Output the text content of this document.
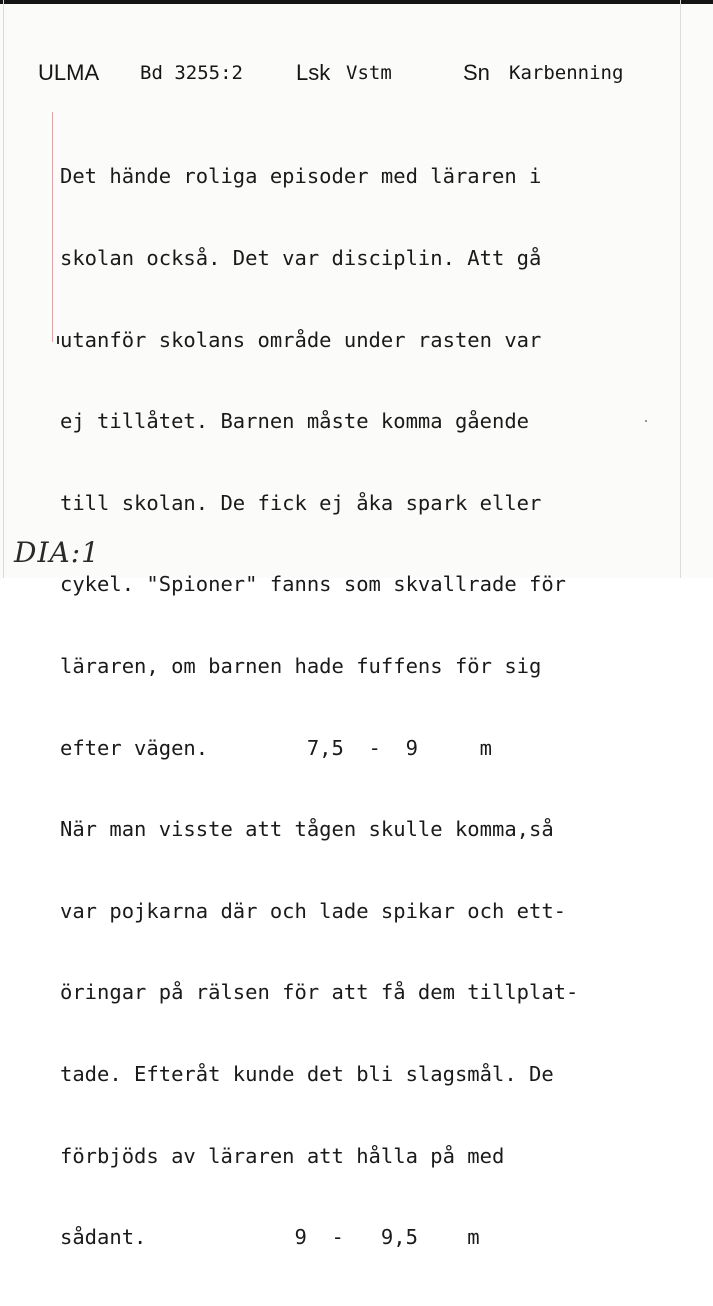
ULMA Bd 3255:2 Lsk Vstm	Sn Karbenning

Det hände roliga episoder med läraren i

skolan också. Det var disciplin. Att gå

utanför skolans område under rasten var

ej tillåtet. Barnen måste komma gående

till skolan. De fick ej åka spark eller

cykel. "Spioner" fanns som skvallrade för

läraren, om barnen hade fuffens för sig

efter vägen.        7,5  -  9     m

När man visste att tågen skulle komma,så

var pojkarna där och lade spikar och ett-

öringar på rälsen för att få dem tillplat-

tade. Efteråt kunde det bli slagsmål. De

förbjöds av läraren att hålla på med

sådant.            9  -   9,5    m

DIA:1
